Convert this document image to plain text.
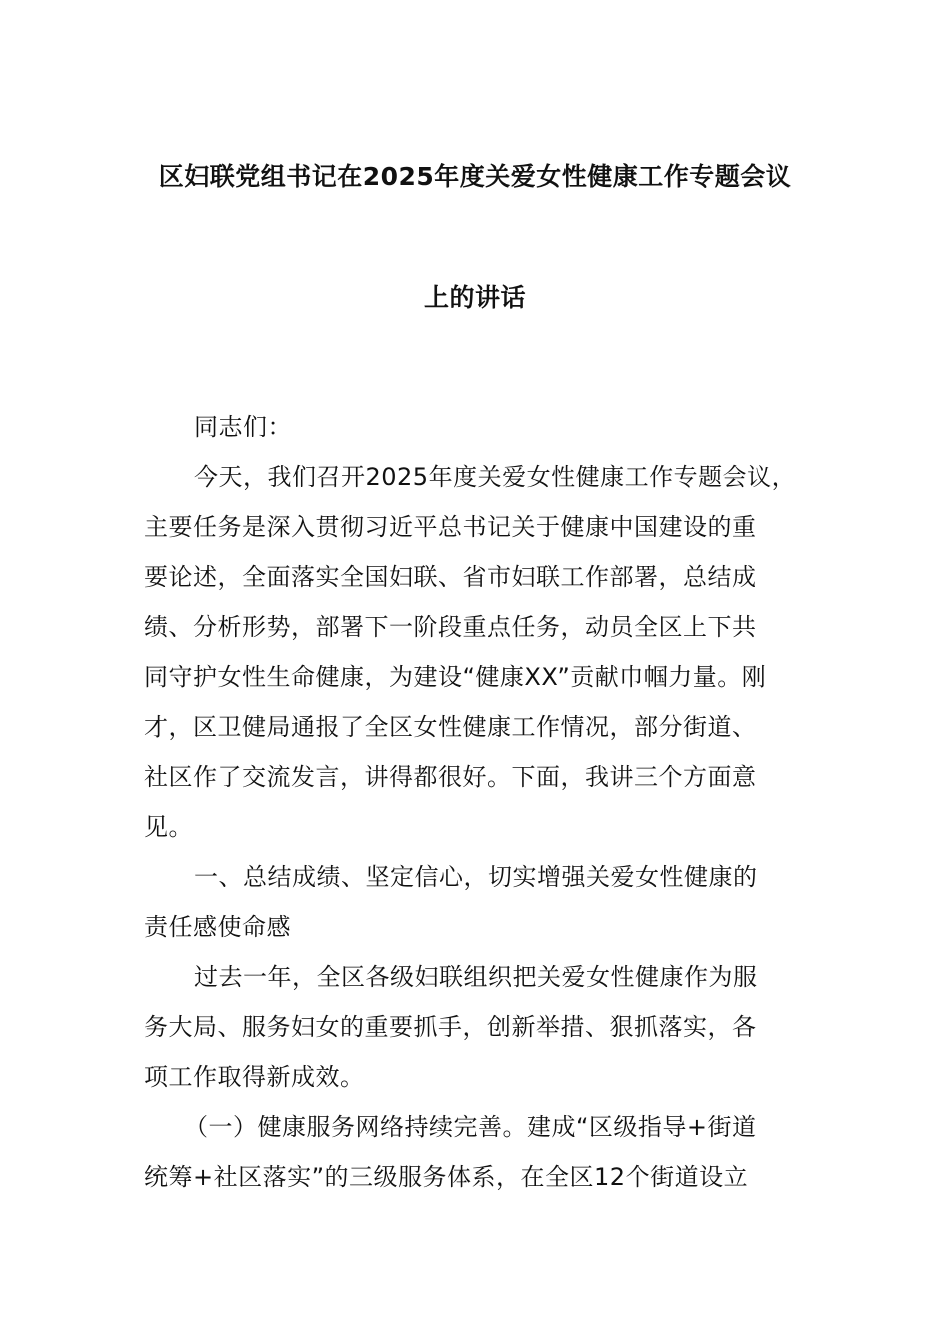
区妇联党组书记在2025年度关爱女性健康工作专题会议
上的讲话
同志们：
今天，我们召开2025年度关爱女性健康工作专题会议，
主要任务是深入贯彻习近平总书记关于健康中国建设的重
要论述，全面落实全国妇联、省市妇联工作部署，总结成
绩、分析形势，部署下一阶段重点任务，动员全区上下共
同守护女性生命健康，为建设“健康XX”贡献巾帼力量。刚
才，区卫健局通报了全区女性健康工作情况，部分街道、
社区作了交流发言，讲得都很好。下面，我讲三个方面意
见。
一、总结成绩、坚定信心，切实增强关爱女性健康的
责任感使命感
过去一年，全区各级妇联组织把关爱女性健康作为服
务大局、服务妇女的重要抓手，创新举措、狠抓落实，各
项工作取得新成效。
（一）健康服务网络持续完善。建成“区级指导+街道
统筹+社区落实”的三级服务体系，在全区12个街道设立
